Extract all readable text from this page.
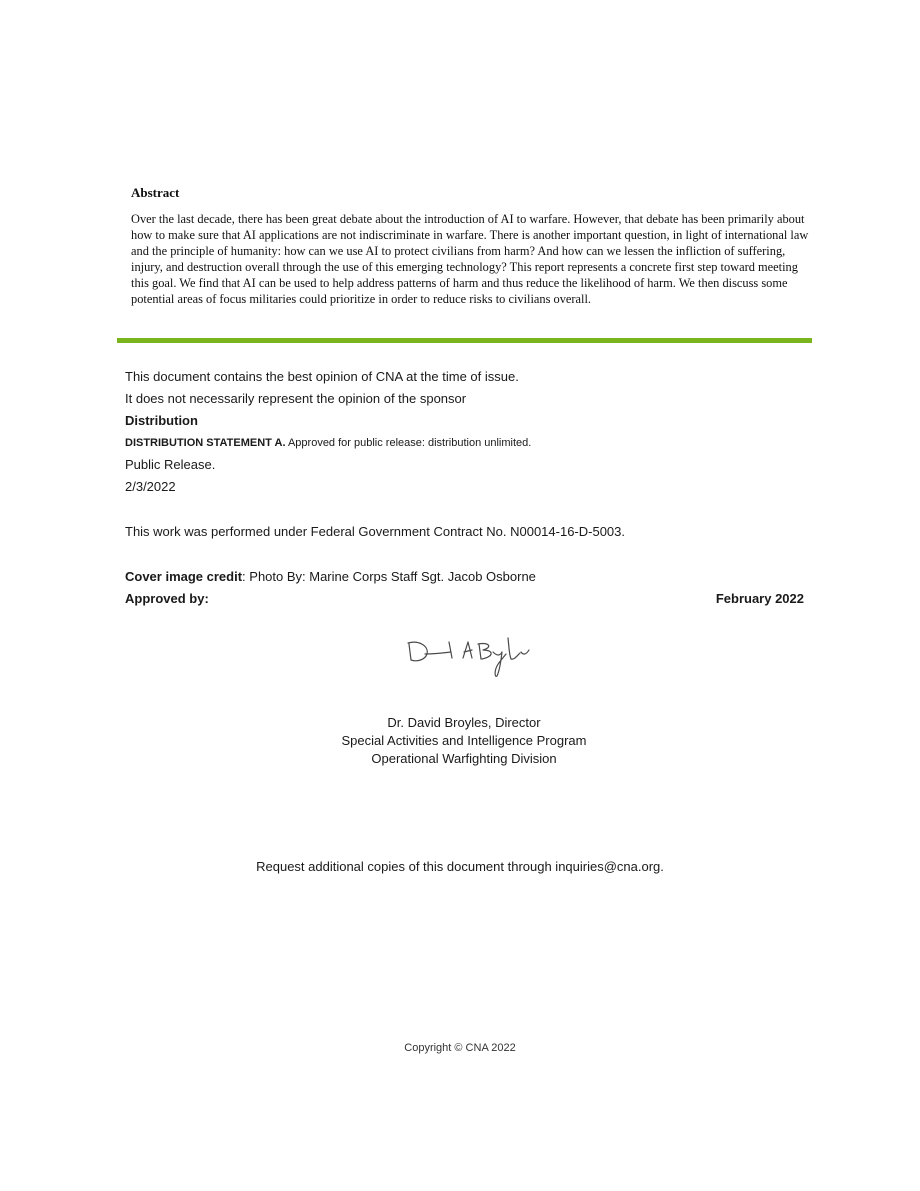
Abstract

Over the last decade, there has been great debate about the introduction of AI to warfare. However, that debate has been primarily about how to make sure that AI applications are not indiscriminate in warfare. There is another important question, in light of international law and the principle of humanity: how can we use AI to protect civilians from harm? And how can we lessen the infliction of suffering, injury, and destruction overall through the use of this emerging technology? This report represents a concrete first step toward meeting this goal. We find that AI can be used to help address patterns of harm and thus reduce the likelihood of harm. We then discuss some potential areas of focus militaries could prioritize in order to reduce risks to civilians overall.

This document contains the best opinion of CNA at the time of issue.
It does not necessarily represent the opinion of the sponsor
Distribution
DISTRIBUTION STATEMENT A. Approved for public release: distribution unlimited.
Public Release.
2/3/2022
This work was performed under Federal Government Contract No. N00014-16-D-5003.
Cover image credit: Photo By: Marine Corps Staff Sgt. Jacob Osborne
Approved by:	February 2022
Dr. David Broyles, Director
Special Activities and Intelligence Program
Operational Warfighting Division
Request additional copies of this document through inquiries@cna.org.
Copyright © CNA 2022
